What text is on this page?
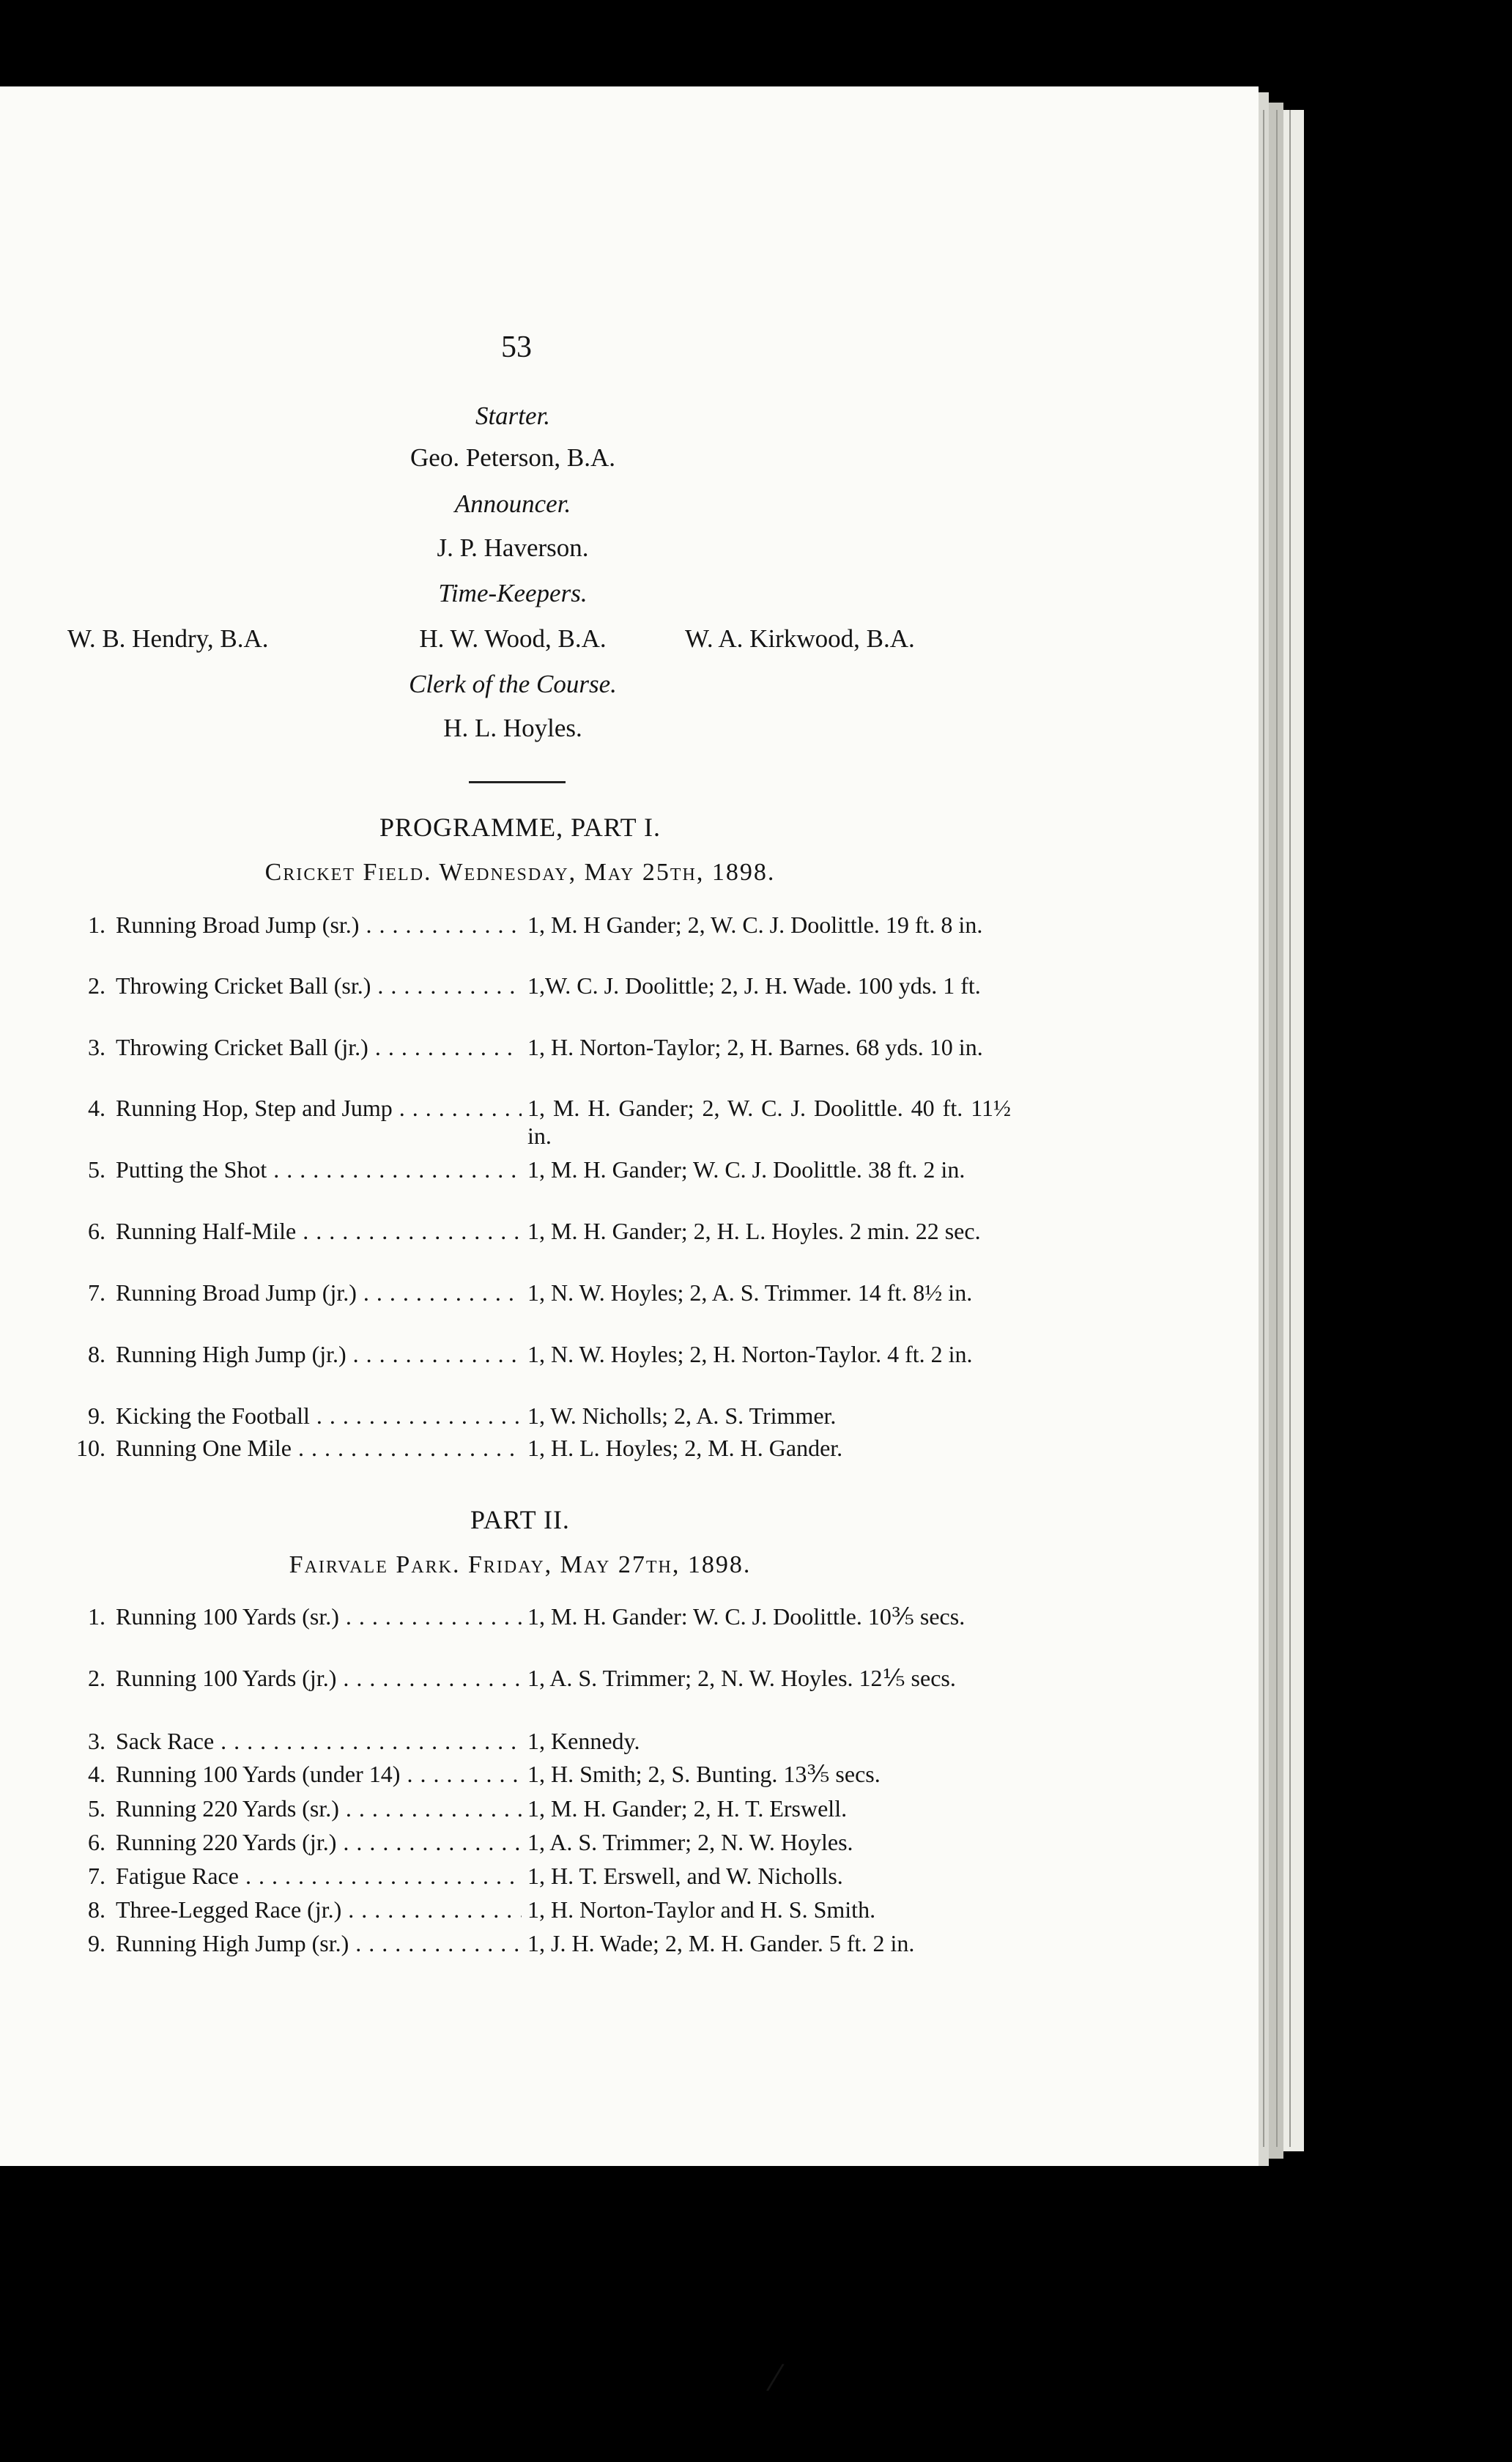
53
Starter.
Geo. Peterson, B.A.
Announcer.
J. P. Haverson.
Time-Keepers.
W. B. Hendry, B.A.	H. W. Wood, B.A.	W. A. Kirkwood, B.A.
Clerk of the Course.
H. L. Hoyles.
PROGRAMME, PART I.
Cricket Field. Wednesday, May 25th, 1898.
1. Running Broad Jump (sr.) . . .	1, M. H Gander; 2, W. C. J. Doolittle. 19 ft. 8 in.
2. Throwing Cricket Ball (sr.) . . .	1,W. C. J. Doolittle; 2, J. H. Wade. 100 yds. 1 ft.
3. Throwing Cricket Ball (jr.) . . .	1, H. Norton-Taylor; 2, H. Barnes. 68 yds. 10 in.
4. Running Hop, Step and Jump . . .	1, M. H. Gander; 2, W. C. J. Doolittle. 40 ft. 11½ in.
5. Putting the Shot . . .	1, M. H. Gander; W. C. J. Doolittle. 38 ft. 2 in.
6. Running Half-Mile . . .	1, M. H. Gander; 2, H. L. Hoyles. 2 min. 22 sec.
7. Running Broad Jump (jr.) . . .	1, N. W. Hoyles; 2, A. S. Trimmer. 14 ft. 8½ in.
8. Running High Jump (jr.) . . .	1, N. W. Hoyles; 2, H. Norton-Taylor. 4 ft. 2 in.
9. Kicking the Football . . .	1, W. Nicholls; 2, A. S. Trimmer.
10. Running One Mile . . .	1, H. L. Hoyles; 2, M. H. Gander.
PART II.
Fairvale Park. Friday, May 27th, 1898.
1. Running 100 Yards (sr.) . . .	1, M. H. Gander: W. C. J. Doolittle. 10⅗ secs.
2. Running 100 Yards (jr.) . . .	1, A. S. Trimmer; 2, N. W. Hoyles. 12⅕ secs.
3. Sack Race . . .	1, Kennedy.
4. Running 100 Yards (under 14) . . .	1, H. Smith; 2, S. Bunting. 13⅗ secs.
5. Running 220 Yards (sr.) . . .	1, M. H. Gander; 2, H. T. Erswell.
6. Running 220 Yards (jr.) . . .	1, A. S. Trimmer; 2, N. W. Hoyles.
7. Fatigue Race . . .	1, H. T. Erswell, and W. Nicholls.
8. Three-Legged Race (jr.) . . .	1, H. Norton-Taylor and H. S. Smith.
9. Running High Jump (sr.) . . .	1, J. H. Wade; 2, M. H. Gander. 5 ft. 2 in.
/
